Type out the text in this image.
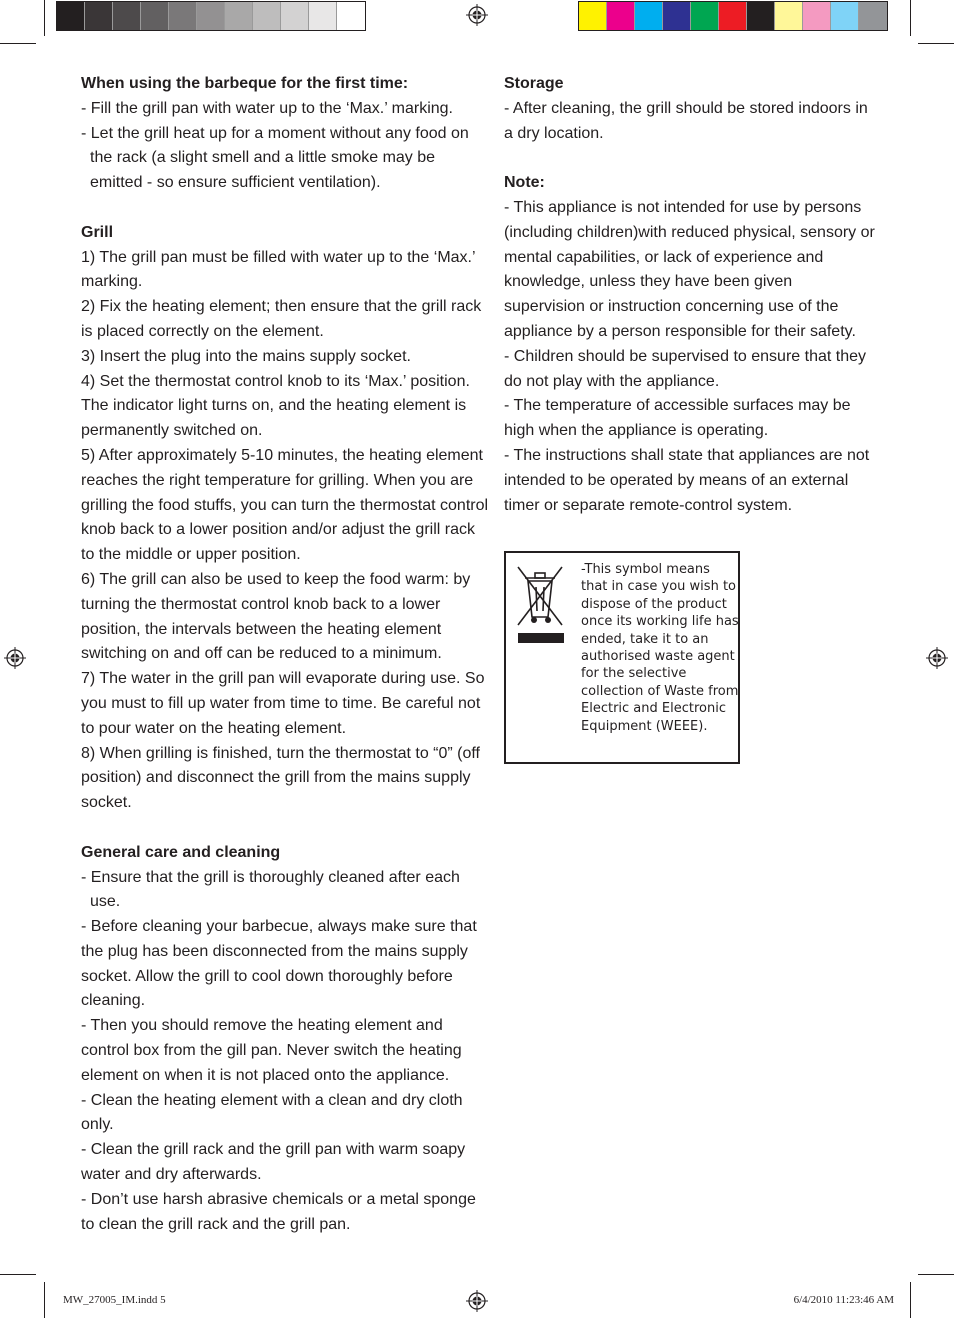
When using the barbeque for the first time:

- Fill the grill pan with water up to the ‘Max.’ marking.

- Let the grill heat up for a moment without any food on the rack (a slight smell and a little smoke may be emitted - so ensure sufficient ventilation).

Grill

1) The grill pan must be filled with water up to the ‘Max.’ marking.

2) Fix the heating element; then ensure that the grill rack is placed correctly on the element.

3) Insert the plug into the mains supply socket.

4) Set the thermostat control knob to its ‘Max.’ position. The indicator light turns on, and the heating element is permanently switched on.

5) After approximately 5-10 minutes, the heating element reaches the right temperature for grilling. When you are grilling the food stuffs, you can turn the thermostat control knob back to a lower position and/or adjust the grill rack to the middle or upper position.

6) The grill can also be used to keep the food warm: by turning the thermostat control knob back to a lower position, the intervals between the heating element switching on and off can be reduced to a minimum.

7) The water in the grill pan will evaporate during use. So you must to fill up water from time to time. Be careful not to pour water on the heating element.

8) When grilling is finished, turn the thermostat to “0” (off position) and disconnect the grill from the mains supply socket.

General care and cleaning

- Ensure that the grill is thoroughly cleaned after each use.

- Before cleaning your barbecue, always make sure that the plug has been disconnected from the mains supply socket. Allow the grill to cool down thoroughly before cleaning.

- Then you should remove the heating element and control box from the gill pan. Never switch the heating element on when it is not placed onto the appliance.

- Clean the heating element with a clean and dry cloth only.

- Clean the grill rack and the grill pan with warm soapy water and dry afterwards.

- Don’t use harsh abrasive chemicals or a metal sponge to clean the grill rack and the grill pan.

Storage

- After cleaning, the grill should be stored indoors in a dry location.

Note:

- This appliance is not intended for use by persons (including children)with reduced physical, sensory or mental capabilities, or lack of experience and knowledge, unless they have been given supervision or instruction concerning use of the appliance by a person responsible for their safety.

- Children should be supervised to ensure that they do not play with the appliance.

- The temperature of accessible surfaces may be high when the appliance is operating.

- The instructions shall state that appliances are not intended to be operated by means of an external timer or separate remote-control system.

-This symbol means that in case you wish to dispose of the product once its working life has ended, take it to an authorised waste agent for the selective collection of Waste from Electric and Electronic Equipment (WEEE).
MW_27005_IM.indd 5	6/4/2010 11:23:46 AM
